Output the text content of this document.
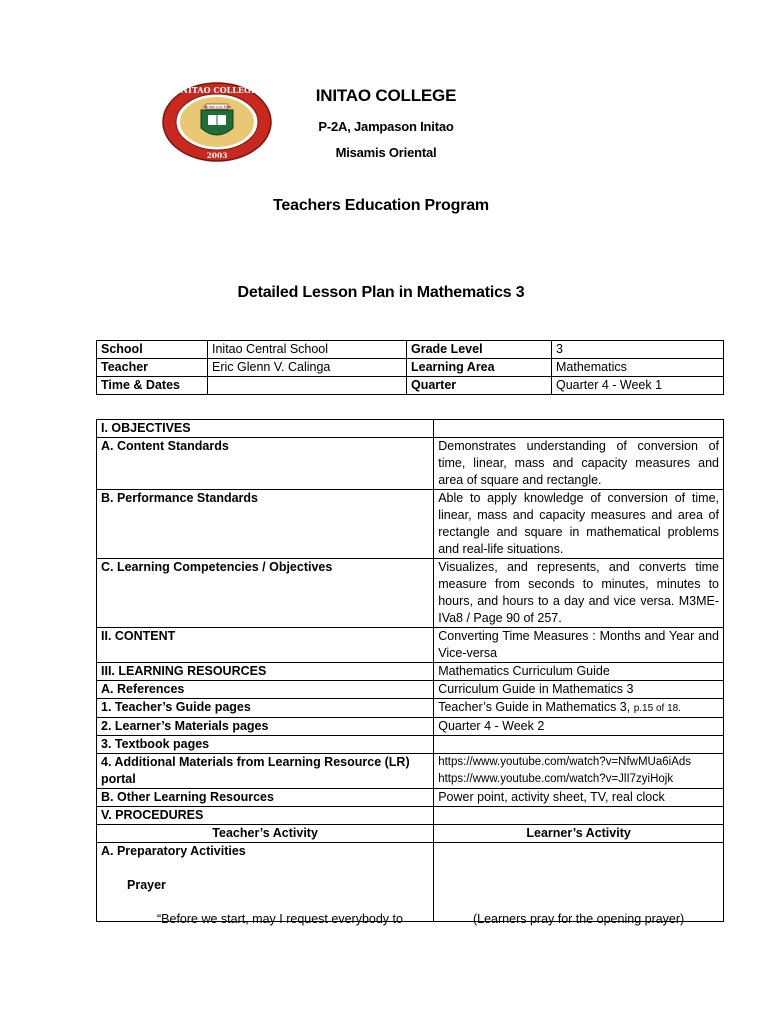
Veritas Lux Mea
INITAO COLLEGE
2003
INITAO COLLEGE
P-2A, Jampason Initao
Misamis Oriental
Teachers Education Program
Detailed Lesson Plan in Mathematics 3
School	Initao Central School	Grade Level	3
Teacher	Eric Glenn V. Calinga	Learning Area	Mathematics
Time & Dates		Quarter	Quarter 4 - Week 1
I. OBJECTIVES	
A. Content Standards	Demonstrates understanding of conversion of time, linear, mass and capacity measures and area of square and rectangle.
B. Performance Standards	Able to apply knowledge of conversion of time, linear, mass and capacity measures and area of rectangle and square in mathematical problems and real-life situations.
C. Learning Competencies / Objectives	Visualizes, and represents, and converts time measure from seconds to minutes, minutes to hours, and hours to a day and vice versa. M3ME-IVa8 / Page 90 of 257.
II. CONTENT	Converting Time Measures : Months and Year and Vice-versa
III. LEARNING RESOURCES	Mathematics Curriculum Guide
A. References	Curriculum Guide in Mathematics 3
1. Teacher’s Guide pages	Teacher’s Guide in Mathematics 3, p.15 of 18.
2. Learner’s Materials pages	Quarter 4 - Week 2
3. Textbook pages	
4. Additional Materials from Learning Resource (LR) portal	https://www.youtube.com/watch?v=NfwMUa6iAds
https://www.youtube.com/watch?v=JlI7zyiHojk

B. Other Learning Resources	Power point, activity sheet, TV, real clock
V. PROCEDURES	
Teacher’s Activity	Learner’s Activity

A. Preparatory Activities
Prayer
“Before we start, may I request everybody to	(Learners pray for the opening prayer)
